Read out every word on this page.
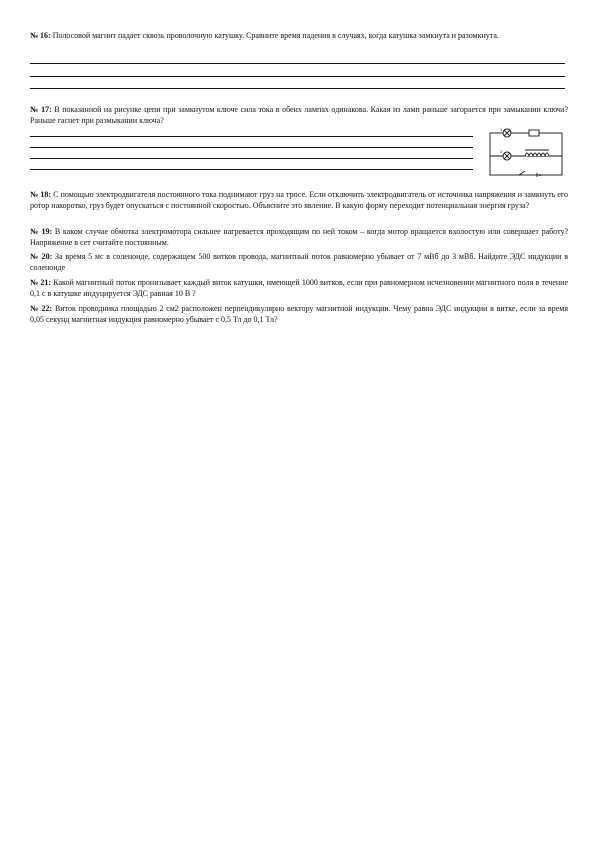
№ 16: Полосовой магнит падает сквозь проволочную катушку. Сравните время падения в случаях, когда катушка замкнута и разомкнута.
№ 17: В показанной на рисунке цепи при замкнутом ключе сила тока в обеих лампах одинакова. Какая из ламп раньше загорается при замыкании ключа? Раньше гаснет при размыкании ключа?
1
2
№ 18: С помощью электродвигателя постоянного тока поднимают груз на тросе. Если отключить электродвигатель от источника напряжения и замкнуть его ротор накоротко, груз будет опускаться с постоянной скоростью. Объясните это явление. В какую форму переходит потенциальная энергия груза?
№ 19: В каком случае обмотка электромотора сильнее нагревается проходящим по ней током – когда мотор вращается вхолостую или совершает работу? Напряжение в сет считайте постоянным.
№ 20: За время 5 мс в соленоиде, содержащем 500 витков провода, магнитный поток равномерно убывает от 7 мВб до 3 мВб. Найдите ЭДС индукции в соленоиде
№ 21: Какой магнитный поток пронизывает каждый виток катушки, имеющей 1000 витков, если при равномерном исчезновении магнитного поля в течение 0,1 с в катушке индуцируется ЭДС равная 10 В ?
№ 22: Виток проводника площадью 2 см2 расположен перпендикулярно вектору магнитной индукции. Чему равна ЭДС индукции в витке, если за время 0,05 секунд магнитная индукция равномерно убывает с 0,5 Тл до 0,1 Тл?
